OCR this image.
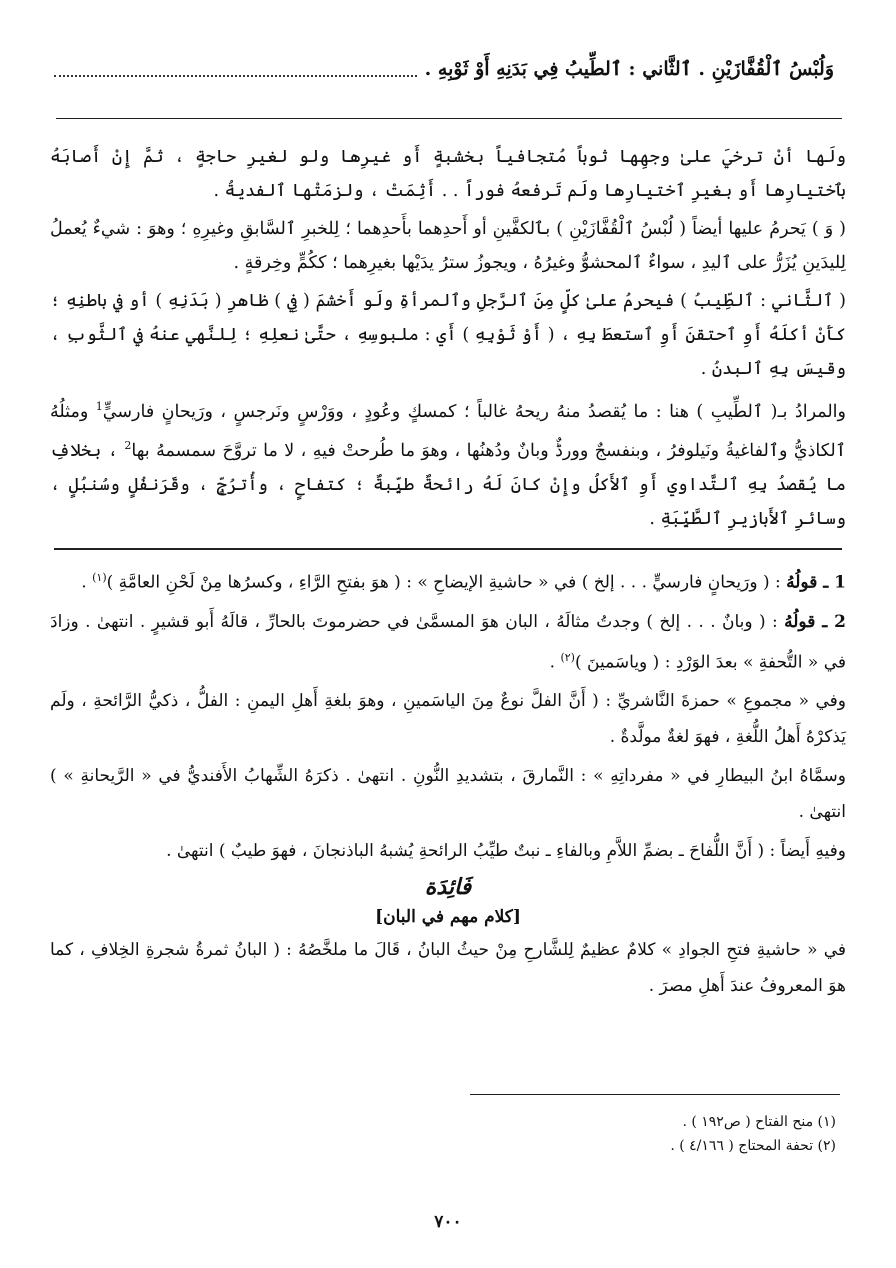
وَلُبْسُ ٱلْقُفَّازَيْنِ . ٱلثَّاني : ٱلطِّيبُ فِي بَدَنِهِ أَوْ ثَوْبِهِ .

ولَها أنْ ترخيَ علىٰ وجهِها ثوباً مُتجافياً بخشبةٍ أَو غيرِها ولو لغيرِ حاجةٍ ، ثمَّ إِنْ أَصابَهُ بٱختيارِها أَو بغيرِ ٱختيارِها ولَم تَرفعهُ فوراً . . أَثِمَتْ ، ولزمَتْها ٱلفديةُ .

( وَ ) يَحرمُ عليها أيضاً ( لُبْسُ ٱلْقُفَّازَيْنِ ) بٱلكفَّينِ أو أَحدِهما بأَحدِهما ؛ لِلخبرِ ٱلسَّابقِ وغيرِهِ ؛ وهوَ : شيءٌ يُعملُ لِليدَينِ يُزَرُّ على ٱليدِ ، سواءٌ ٱلمحشوُّ وغيرُهُ ، ويجوزُ سترُ يدَيْها بغيرِهما ؛ ككُمٍّ وخِرقةٍ .

( ٱلثَّاني : ٱلطِّيبُ ) فيحرمُ علىٰ كلٍّ مِنَ ٱلرَّجلِ وٱلمرأةِ ولَو أَخشمَ ( فِي ) ظاهرِ ( بَدَنِهِ ) أو في باطنِهِ ؛ كأَنْ أكلَهُ أَوِ ٱحتقنَ أَوِ ٱستعطَ بِهِ ، ( أَوْ ثَوْبِهِ ) أَي : ملبوسِهِ ، حتَّىٰ نعلِهِ ؛ لِلنَّهي عنهُ في ٱلثَّوبِ ، وقيسَ بِهِ ٱلبدنُ .

والمرادُ بـ( ٱلطِّيبِ ) هنا : ما يُقصدُ منهُ ريحهُ غالباً ؛ كمسكٍ وعُودٍ ، ووَرْسٍ ونَرجسٍ ، ورَيحانٍ فارسيٍّ$^1$ ومثلُهُ ٱلكاذيُّ وٱلفاغيةُ ونَيلوفرُ ، وبنفسجٌ وورڈٌ وبانٌ ودُهنُها ، وهوَ ما طُرحتْ فيهِ ، لا ما تروَّحَ سمسمهُ بها$^2$ ، بخلافِ ما يُقصدُ بِهِ ٱلتَّداوي أَوِ ٱلأَكلُ وإِنْ كانَ لَهُ رائحةٌ طيِّبةٌ ؛ كتفاحٍ ، وأُترُجٍّ ، وقَرَنفُلٍ وسُنبُلٍ ، وسائرِ ٱلأَبازيرِ ٱلطَّيِّبَةِ .

1 ـ قولُهُ : ( ورَيحانٍ فارسيٍّ . . . إلخ ) في « حاشيةِ الإيضاحِ » : ( هوَ بفتحِ الرَّاءِ ، وكسرُها مِنْ لَحْنِ العامَّةِ )$^{(١)}$ .

2 ـ قولُهُ : ( وبانٌ . . . إلخ ) وجدتُ مثالَهُ ، البان هوَ المسمَّىٰ في حضرموتَ بالحارِّ ، قالَهُ أَبو قشيرٍ . انتهىٰ . وزادَ في « التُّحفةِ » بعدَ الوَرْدِ : ( وياسَمينَ )$^{(٢)}$ .

وفي « مجموعِ » حمزةَ النَّاشريِّ : ( أَنَّ الفلَّ نوعٌ مِنَ الياسَمينِ ، وهوَ بلغةِ أَهلِ اليمنِ : الفلُّ ، ذكيُّ الرَّائحةِ ، ولَم يَذكرْهُ أَهلُ اللُّغةِ ، فهوَ لغةٌ مولَّدةٌ .

وسمَّاهُ ابنُ البيطارِ في « مفرداتِهِ » : النَّمارقَ ، بتشديدِ النُّونِ . انتهىٰ . ذكرَهُ الشِّهابُ الأَفنديُّ في « الرَّيحانةِ » ) انتهىٰ .

وفيهِ أَيضاً : ( أَنَّ اللُّفاحَ ـ بضمِّ اللاَّمِ وبالفاءِ ـ نبتٌ طيِّبُ الرائحةِ يُشبهُ الباذنجانَ ، فهوَ طيبٌ ) انتهىٰ .

فَائِدَة
[كلام مهم في البان]

في « حاشيةِ فتحِ الجوادِ » كلامٌ عظيمٌ لِلشَّارحِ مِنْ حيثُ البانُ ، قَالَ ما ملخَّصُهُ : ( البانُ ثمرةُ شجرةِ الخِلافِ ، كما هوَ المعروفُ عندَ أَهلِ مصرَ .

(١) منح الفتاح ( ص١٩٢ ) .
(٢) تحفة المحتاج ( ٤/١٦٦ ) .
٧٠٠
